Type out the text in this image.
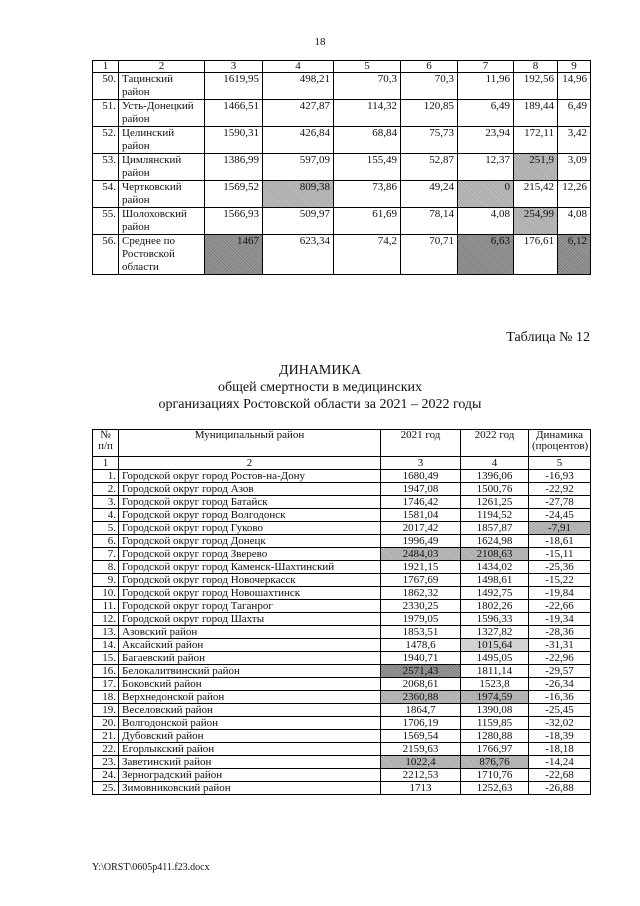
18
1	2	3	4	5	6	7	8	9
50.	Тацинский район	1619,95	498,21	70,3	70,3	11,96	192,56	14,96
51.	Усть-Донецкий район	1466,51	427,87	114,32	120,85	6,49	189,44	6,49
52.	Целинский район	1590,31	426,84	68,84	75,73	23,94	172,11	3,42
53.	Цимлянский район	1386,99	597,09	155,49	52,87	12,37	251,9	3,09
54.	Чертковский район	1569,52	809,38	73,86	49,24	0	215,42	12,26
55.	Шолоховский район	1566,93	509,97	61,69	78,14	4,08	254,99	4,08
56.	Среднее по Ростовской области	1467	623,34	74,2	70,71	6,63	176,61	6,12
Таблица № 12
ДИНАМИКА
общей смертности в медицинских
организациях Ростовской области за 2021 – 2022 годы
№ п/п	Муниципальный район	2021 год	2022 год	Динамика (процентов)
1	2	3	4	5
1.	Городской округ город Ростов-на-Дону	1680,49	1396,06	-16,93
2.	Городской округ город Азов	1947,08	1500,76	-22,92
3.	Городской округ город Батайск	1746,42	1261,25	-27,78
4.	Городской округ город Волгодонск	1581,04	1194,52	-24,45
5.	Городской округ город Гуково	2017,42	1857,87	-7,91
6.	Городской округ город Донецк	1996,49	1624,98	-18,61
7.	Городской округ город Зверево	2484,03	2108,63	-15,11
8.	Городской округ город Каменск-Шахтинский	1921,15	1434,02	-25,36
9.	Городской округ город Новочеркасск	1767,69	1498,61	-15,22
10.	Городской округ город Новошахтинск	1862,32	1492,75	-19,84
11.	Городской округ город Таганрог	2330,25	1802,26	-22,66
12.	Городской округ город Шахты	1979,05	1596,33	-19,34
13.	Азовский район	1853,51	1327,82	-28,36
14.	Аксайский район	1478,6	1015,64	-31,31
15.	Багаевский район	1940,71	1495,05	-22,96
16.	Белокалитвинский район	2571,43	1811,14	-29,57
17.	Боковский район	2068,61	1523,8	-26,34
18.	Верхнедонской район	2360,88	1974,59	-16,36
19.	Веселовский район	1864,7	1390,08	-25,45
20.	Волгодонской район	1706,19	1159,85	-32,02
21.	Дубовский район	1569,54	1280,88	-18,39
22.	Егорлыкский район	2159,63	1766,97	-18,18
23.	Заветинский район	1022,4	876,76	-14,24
24.	Зерноградский район	2212,53	1710,76	-22,68
25.	Зимовниковский район	1713	1252,63	-26,88
Y:\ORST\0605p411.f23.docx
